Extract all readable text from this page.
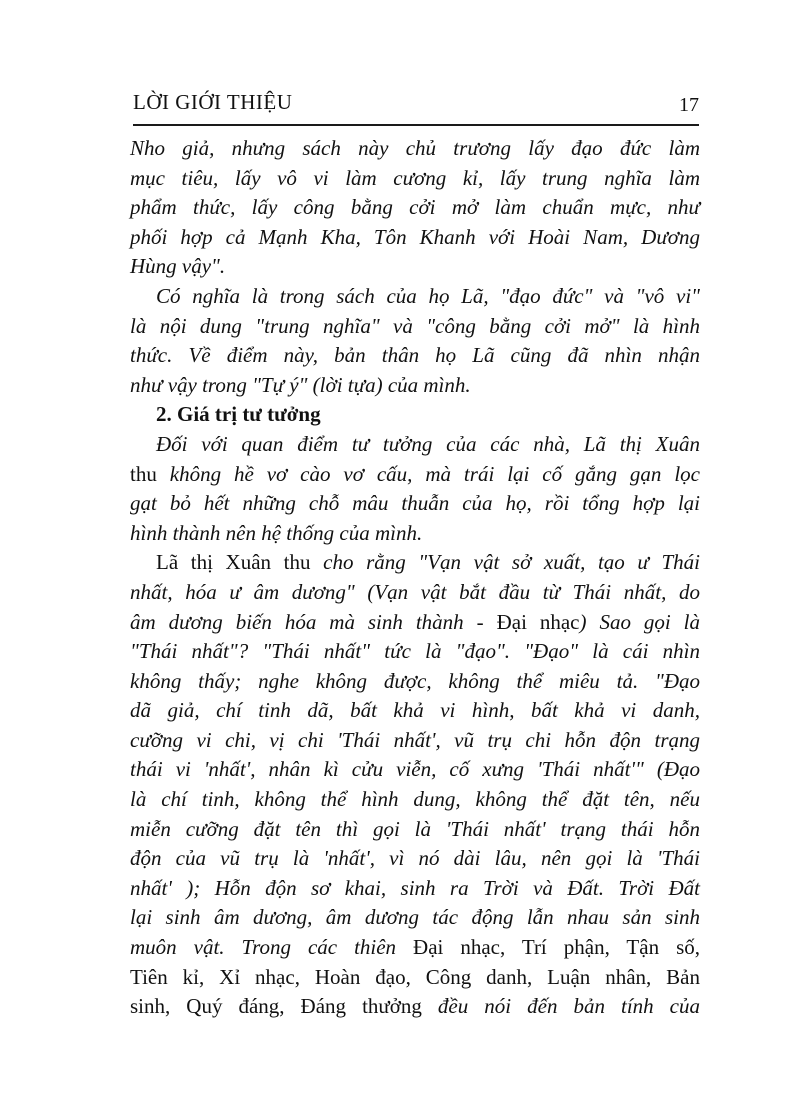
LỜI GIỚI THIỆU	17
Nho giả, nhưng sách này chủ trương lấy đạo đức làm
mục tiêu, lấy vô vi làm cương kỉ, lấy trung nghĩa làm
phẩm thức, lấy công bằng cởi mở làm chuẩn mực, như
phối hợp cả Mạnh Kha, Tôn Khanh với Hoài Nam, Dương
Hùng vậy".
Có nghĩa là trong sách của họ Lã, "đạo đức" và "vô vi"
là nội dung "trung nghĩa" và "công bằng cởi mở" là hình
thức. Về điểm này, bản thân họ Lã cũng đã nhìn nhận
như vậy trong "Tự ý" (lời tựa) của mình.
2. Giá trị tư tưởng
Đối với quan điểm tư tưởng của các nhà, Lã thị Xuân
thu không hề vơ cào vơ cấu, mà trái lại cố gắng gạn lọc
gạt bỏ hết những chỗ mâu thuẫn của họ, rồi tổng hợp lại
hình thành nên hệ thống của mình.
Lã thị Xuân thu cho rằng "Vạn vật sở xuất, tạo ư Thái
nhất, hóa ư âm dương" (Vạn vật bắt đầu từ Thái nhất, do
âm dương biến hóa mà sinh thành - Đại nhạc) Sao gọi là
"Thái nhất"? "Thái nhất" tức là "đạo". "Đạo" là cái nhìn
không thấy; nghe không được, không thể miêu tả. "Đạo
dã giả, chí tinh dã, bất khả vi hình, bất khả vi danh,
cưỡng vi chi, vị chi 'Thái nhất', vũ trụ chi hỗn độn trạng
thái vi 'nhất', nhân kì cửu viễn, cố xưng 'Thái nhất'" (Đạo
là chí tinh, không thể hình dung, không thể đặt tên, nếu
miễn cưỡng đặt tên thì gọi là 'Thái nhất' trạng thái hỗn
độn của vũ trụ là 'nhất', vì nó dài lâu, nên gọi là 'Thái
nhất' ); Hỗn độn sơ khai, sinh ra Trời và Đất. Trời Đất
lại sinh âm dương, âm dương tác động lẫn nhau sản sinh
muôn vật. Trong các thiên Đại nhạc, Trí phận, Tận số,
Tiên kỉ, Xỉ nhạc, Hoàn đạo, Công danh, Luận nhân, Bản
sinh, Quý đáng, Đáng thưởng đều nói đến bản tính của
